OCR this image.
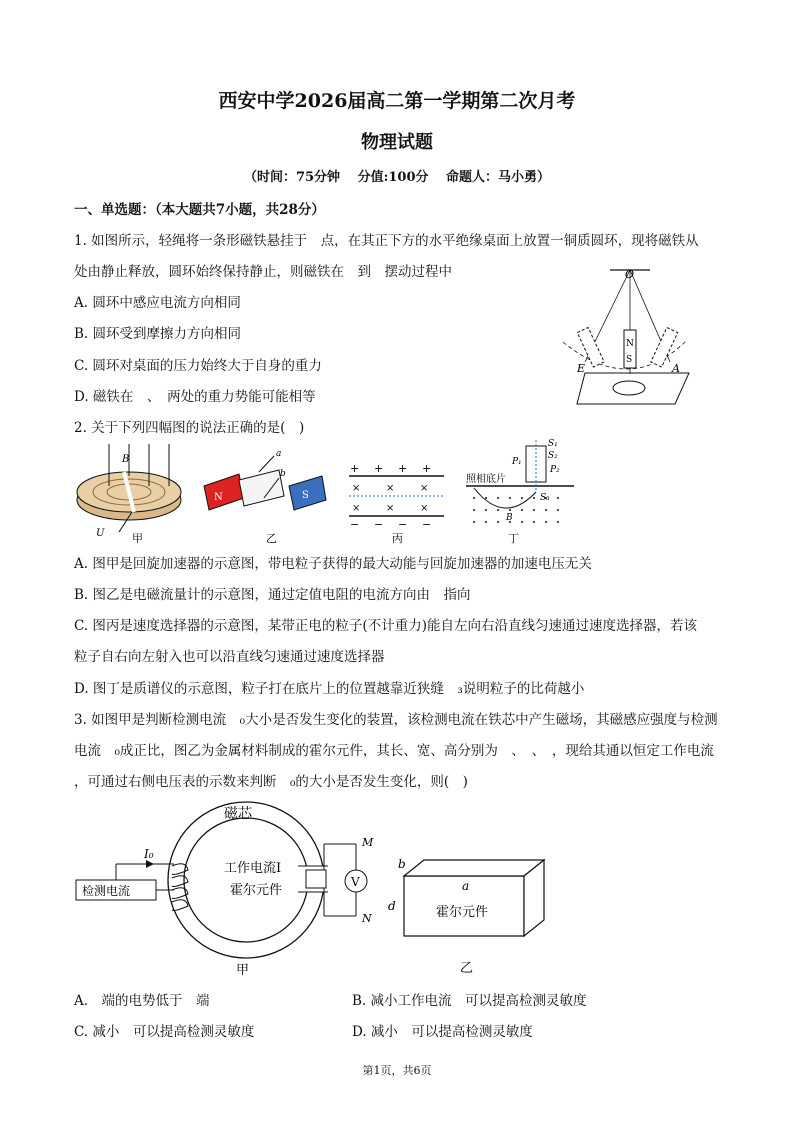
西安中学2026届高二第一学期第二次月考
物理试题
（时间：75分钟　 分值:100分　 命题人：马小勇）
一、单选题：（本大题共7小题，共28分）
1. 如图所示，轻绳将一条形磁铁悬挂于　点，在其正下方的水平绝缘桌面上放置一铜质圆环，现将磁铁从
处由静止释放，圆环始终保持静止，则磁铁在　到　摆动过程中
A. 圆环中感应电流方向相同
B. 圆环受到摩擦力方向相同
C. 圆环对桌面的压力始终大于自身的重力
D. 磁铁在　、　两处的重力势能可能相等
O
E	A
N
S
2. 关于下列四幅图的说法正确的是(　)
B
U	甲
N	S
a
b
乙
+ + + +
− − − −
×	×	×
×	×	×
丙
照相底片
S₁
S₂
S₃
P₁
P₂
B
丁
A. 图甲是回旋加速器的示意图，带电粒子获得的最大动能与回旋加速器的加速电压无关
B. 图乙是电磁流量计的示意图，通过定值电阻的电流方向由　指向
C. 图丙是速度选择器的示意图，某带正电的粒子(不计重力)能自左向右沿直线匀速通过速度选择器，若该
粒子自右向左射入也可以沿直线匀速通过速度选择器
D. 图丁是质谱仪的示意图，粒子打在底片上的位置越靠近狭缝　₃说明粒子的比荷越小
3. 如图甲是判断检测电流　₀大小是否发生变化的装置，该检测电流在铁芯中产生磁场，其磁感应强度与检测
电流　₀成正比，图乙为金属材料制成的霍尔元件，其长、宽、高分别为　、　、　，现给其通以恒定工作电流
，可通过右侧电压表的示数来判断　₀的大小是否发生变化，则(　)
V
磁芯
I₀
检测电流
工作电流I
霍尔元件
M
N
甲
b
a
d	霍尔元件
乙
A.　端的电势低于　端	B. 减小工作电流　可以提高检测灵敏度
C. 减小　可以提高检测灵敏度	D. 减小　可以提高检测灵敏度
第1页，共6页
